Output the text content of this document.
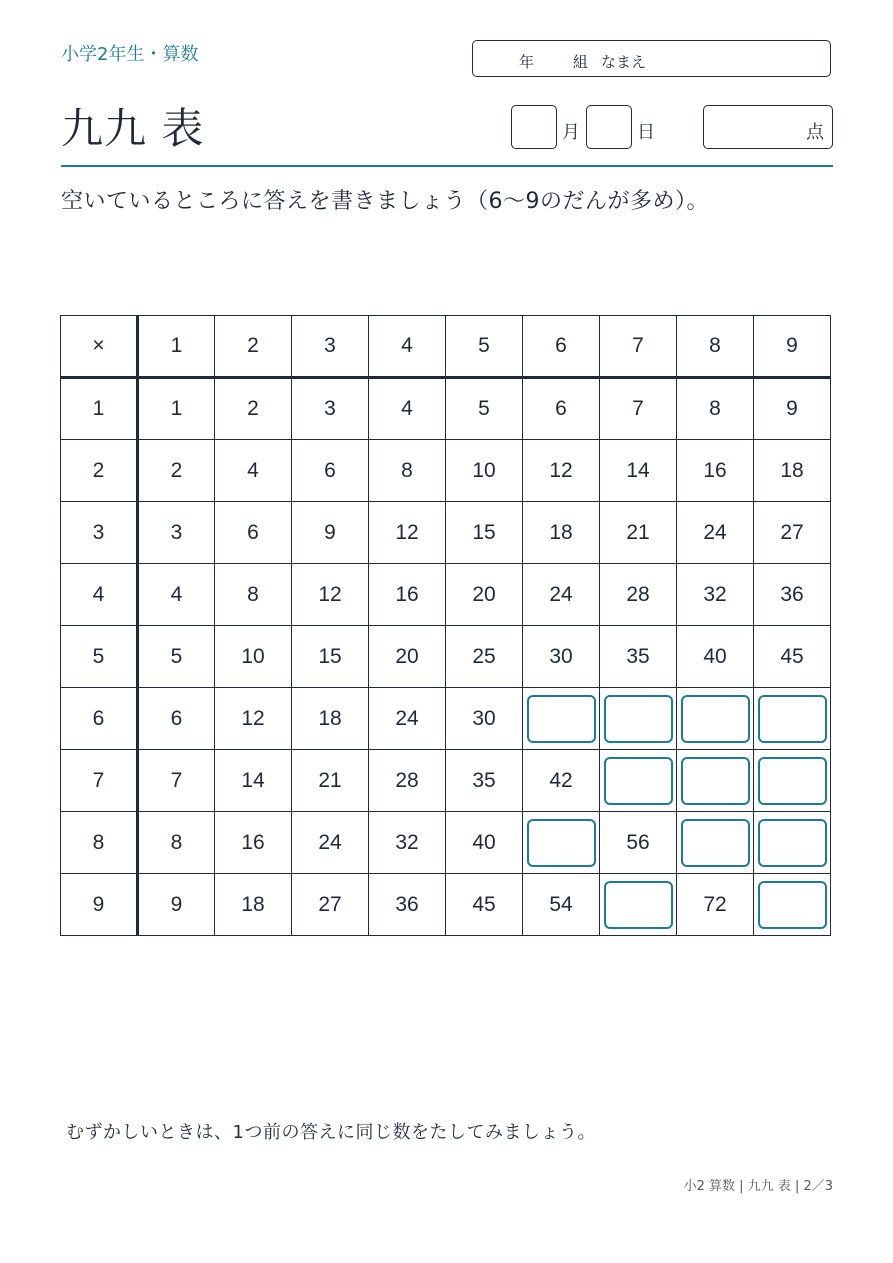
小学2年生・算数	年	組 なまえ
九九 表	月	日	点
空いているところに答えを書きましょう（6〜9のだんが多め）。
×	1	2	3	4	5	6	7	8	9
1	1	2	3	4	5	6	7	8	9
2	2	4	6	8	10	12	14	16	18
3	3	6	9	12	15	18	21	24	27
4	4	8	12	16	20	24	28	32	36
5	5	10	15	20	25	30	35	40	45
6	6	12	18	24	30	

7	7	14	21	28	35	42	

8	8	16	24	32	40		56	

9	9	18	27	36	45	54		72	
むずかしいときは、1つ前の答えに同じ数をたしてみましょう。
小2 算数 | 九九 表 | 2／3
